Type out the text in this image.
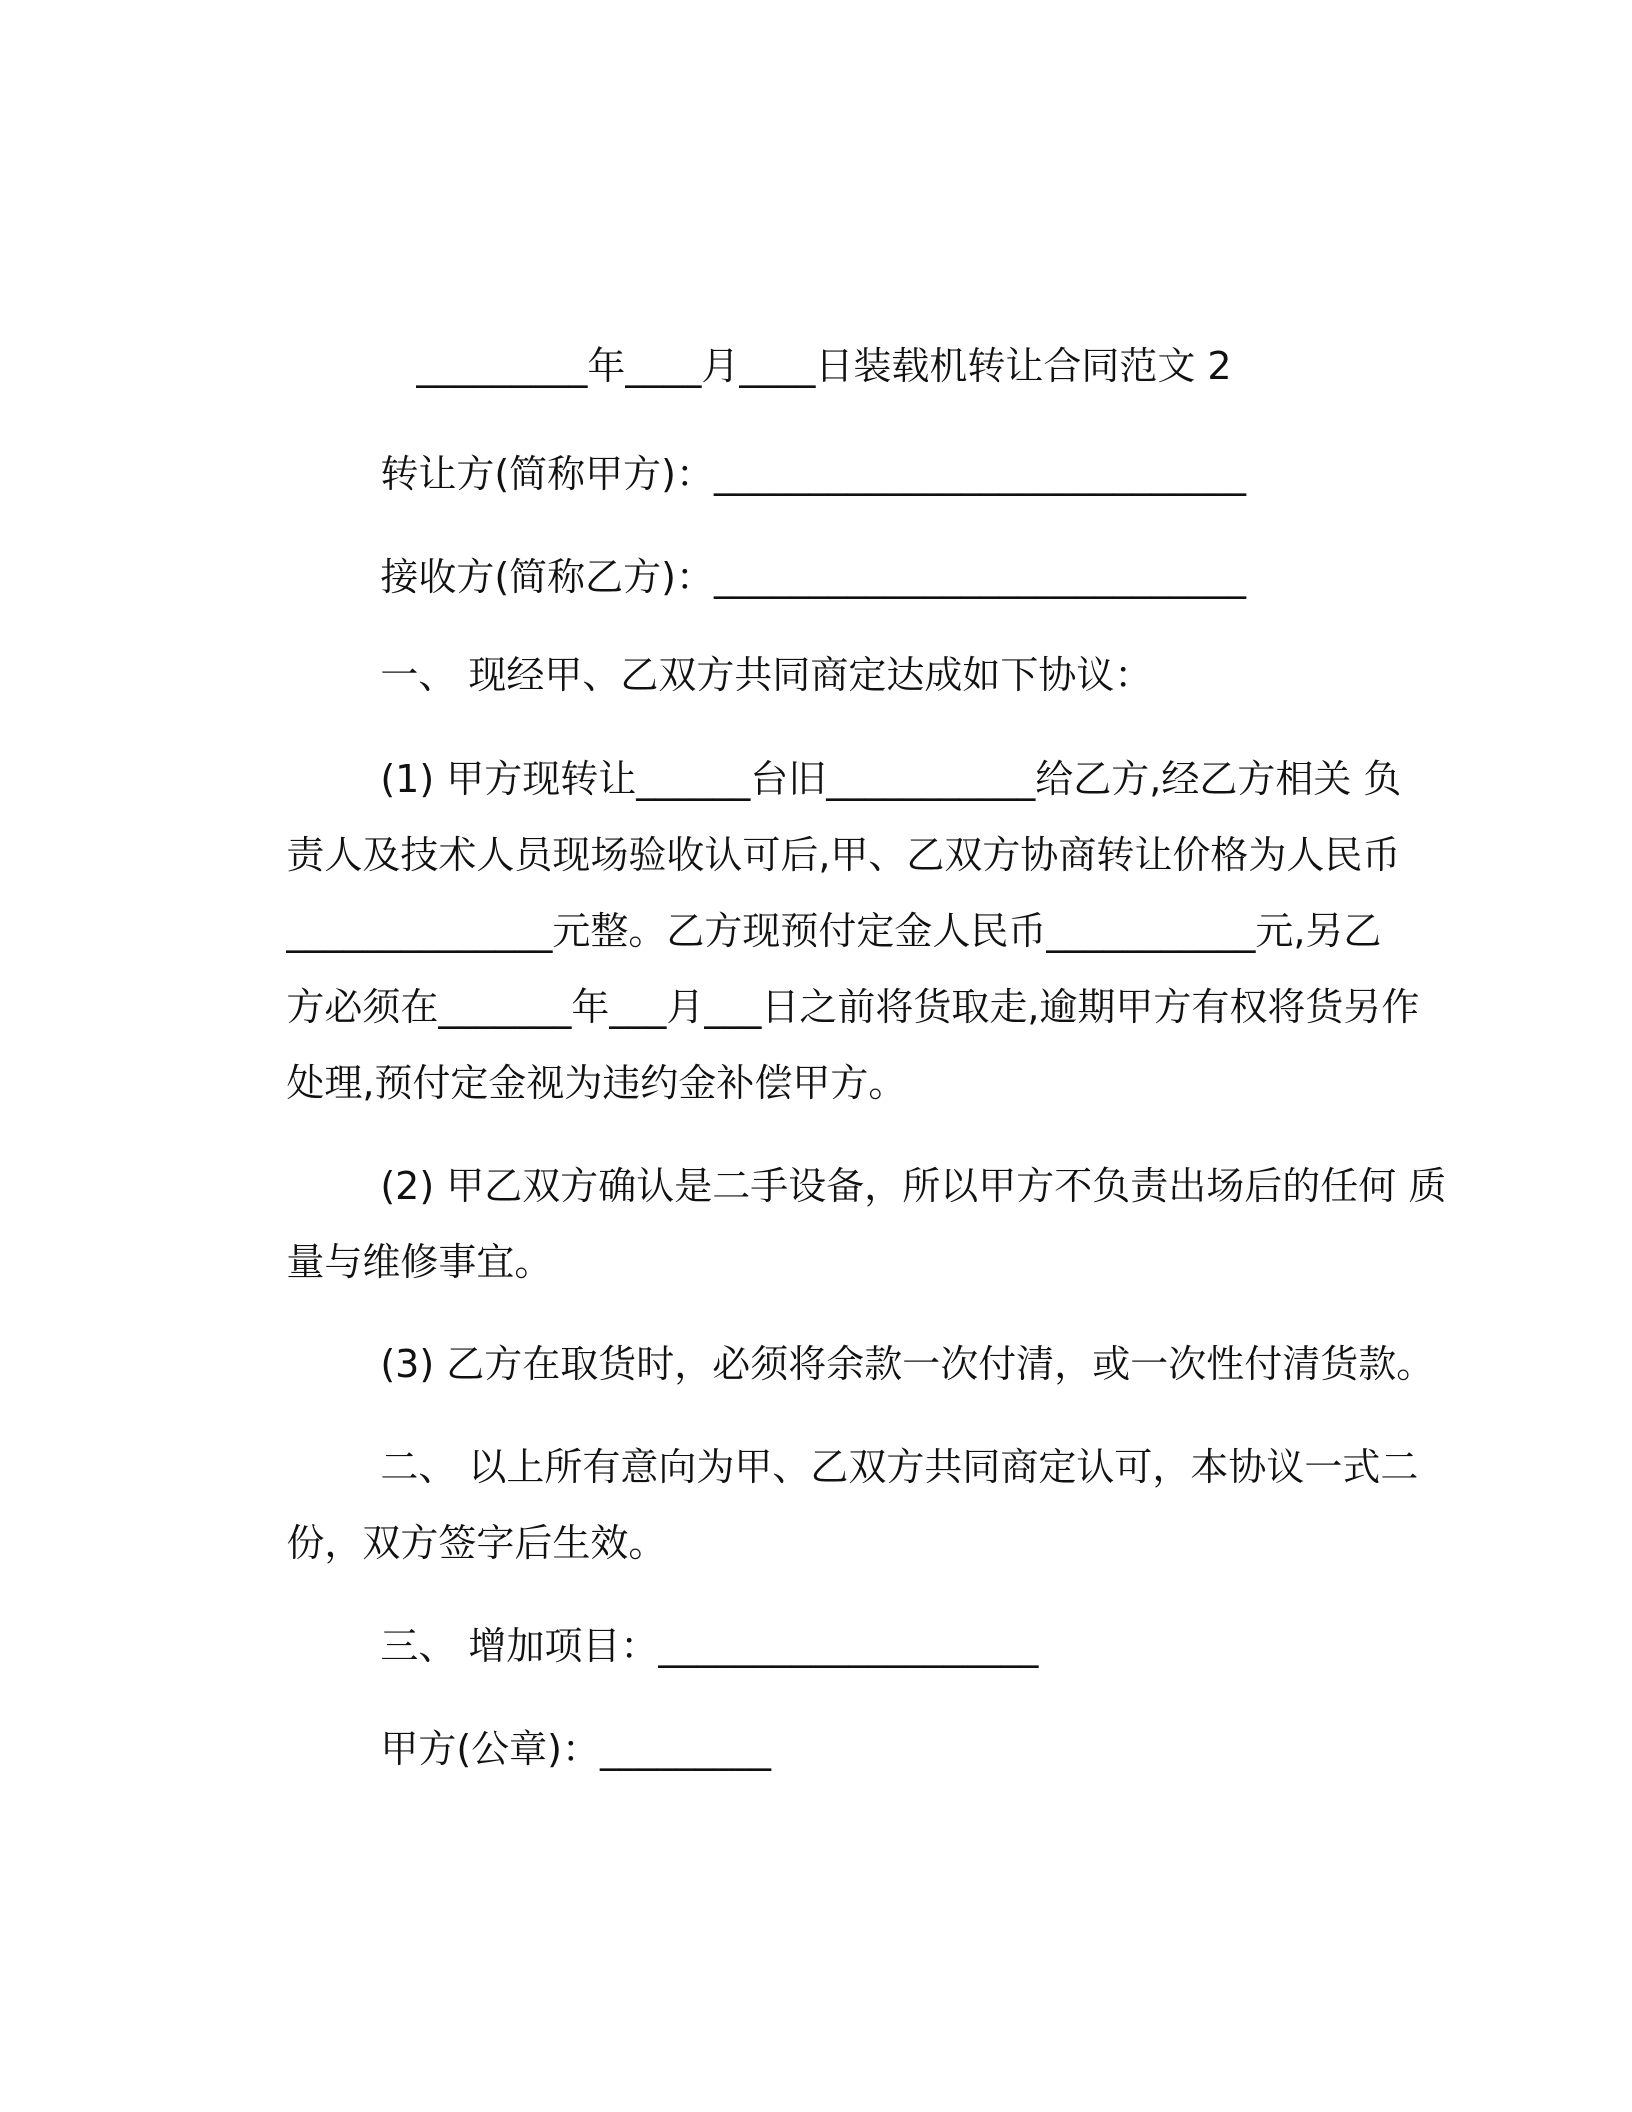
_________年____月____日装载机转让合同范文 2

转让方(简称甲方)：____________________________

接收方(简称乙方)：____________________________

一、 现经甲、乙双方共同商定达成如下协议：

(1) 甲方现转让______台旧___________给乙方,经乙方相关 负

责人及技术人员现场验收认可后,甲、乙双方协商转让价格为人民币

______________元整。乙方现预付定金人民币___________元,另乙

方必须在_______年___月___日之前将货取走,逾期甲方有权将货另作

处理,预付定金视为违约金补偿甲方。

(2) 甲乙双方确认是二手设备，所以甲方不负责出场后的任何 质

量与维修事宜。

(3) 乙方在取货时，必须将余款一次付清，或一次性付清货款。

二、 以上所有意向为甲、乙双方共同商定认可，本协议一式二

份，双方签字后生效。

三、 增加项目：____________________

甲方(公章)：_________
